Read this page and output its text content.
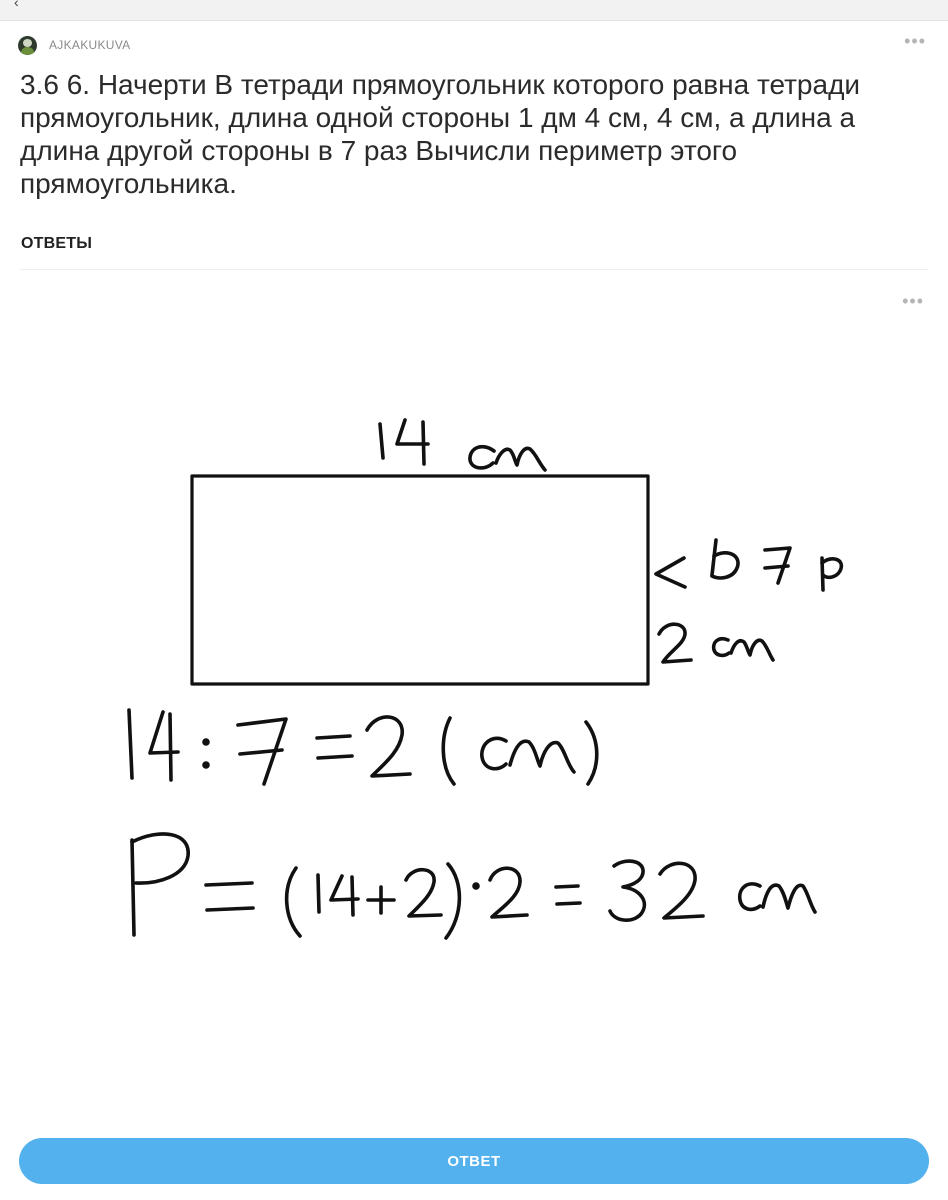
‹
AJKAKUKUVA	•••
3.6 6. Начерти В тетради прямоугольник которого равна тетради прямоугольник, длина одной стороны 1 дм 4 см, 4 см, а длина а длина другой стороны в 7 раз Вычисли периметр этого прямоугольника.
ОТВЕТЫ
•••
ОТВЕТ
